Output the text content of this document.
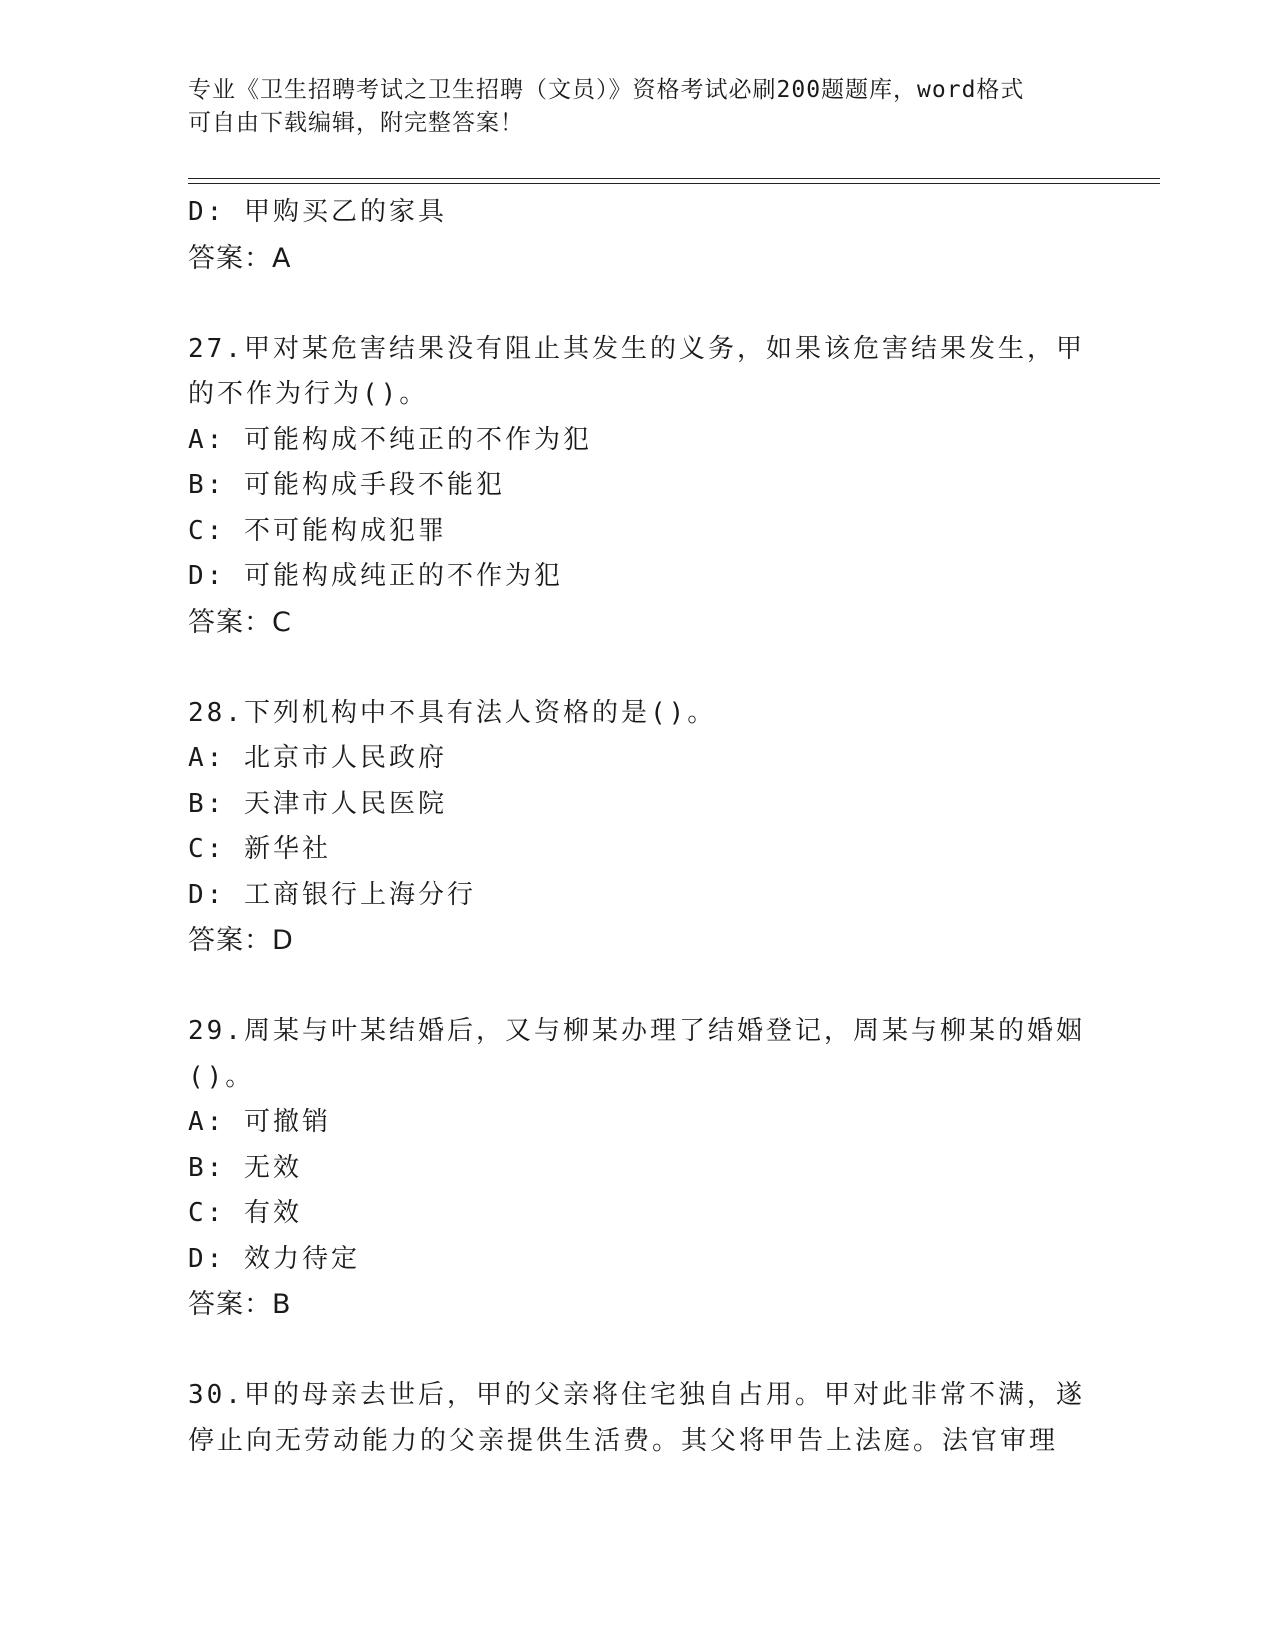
专业《卫生招聘考试之卫生招聘（文员）》资格考试必刷200题题库，word格式
可自由下载编辑，附完整答案！
D: 甲购买乙的家具
答案：A
27.甲对某危害结果没有阻止其发生的义务，如果该危害结果发生，甲
的不作为行为()。
A: 可能构成不纯正的不作为犯
B: 可能构成手段不能犯
C: 不可能构成犯罪
D: 可能构成纯正的不作为犯
答案：C
28.下列机构中不具有法人资格的是()。
A: 北京市人民政府
B: 天津市人民医院
C: 新华社
D: 工商银行上海分行
答案：D
29.周某与叶某结婚后，又与柳某办理了结婚登记，周某与柳某的婚姻
()。
A: 可撤销
B: 无效
C: 有效
D: 效力待定
答案：B
30.甲的母亲去世后，甲的父亲将住宅独自占用。甲对此非常不满，遂
停止向无劳动能力的父亲提供生活费。其父将甲告上法庭。法官审理
